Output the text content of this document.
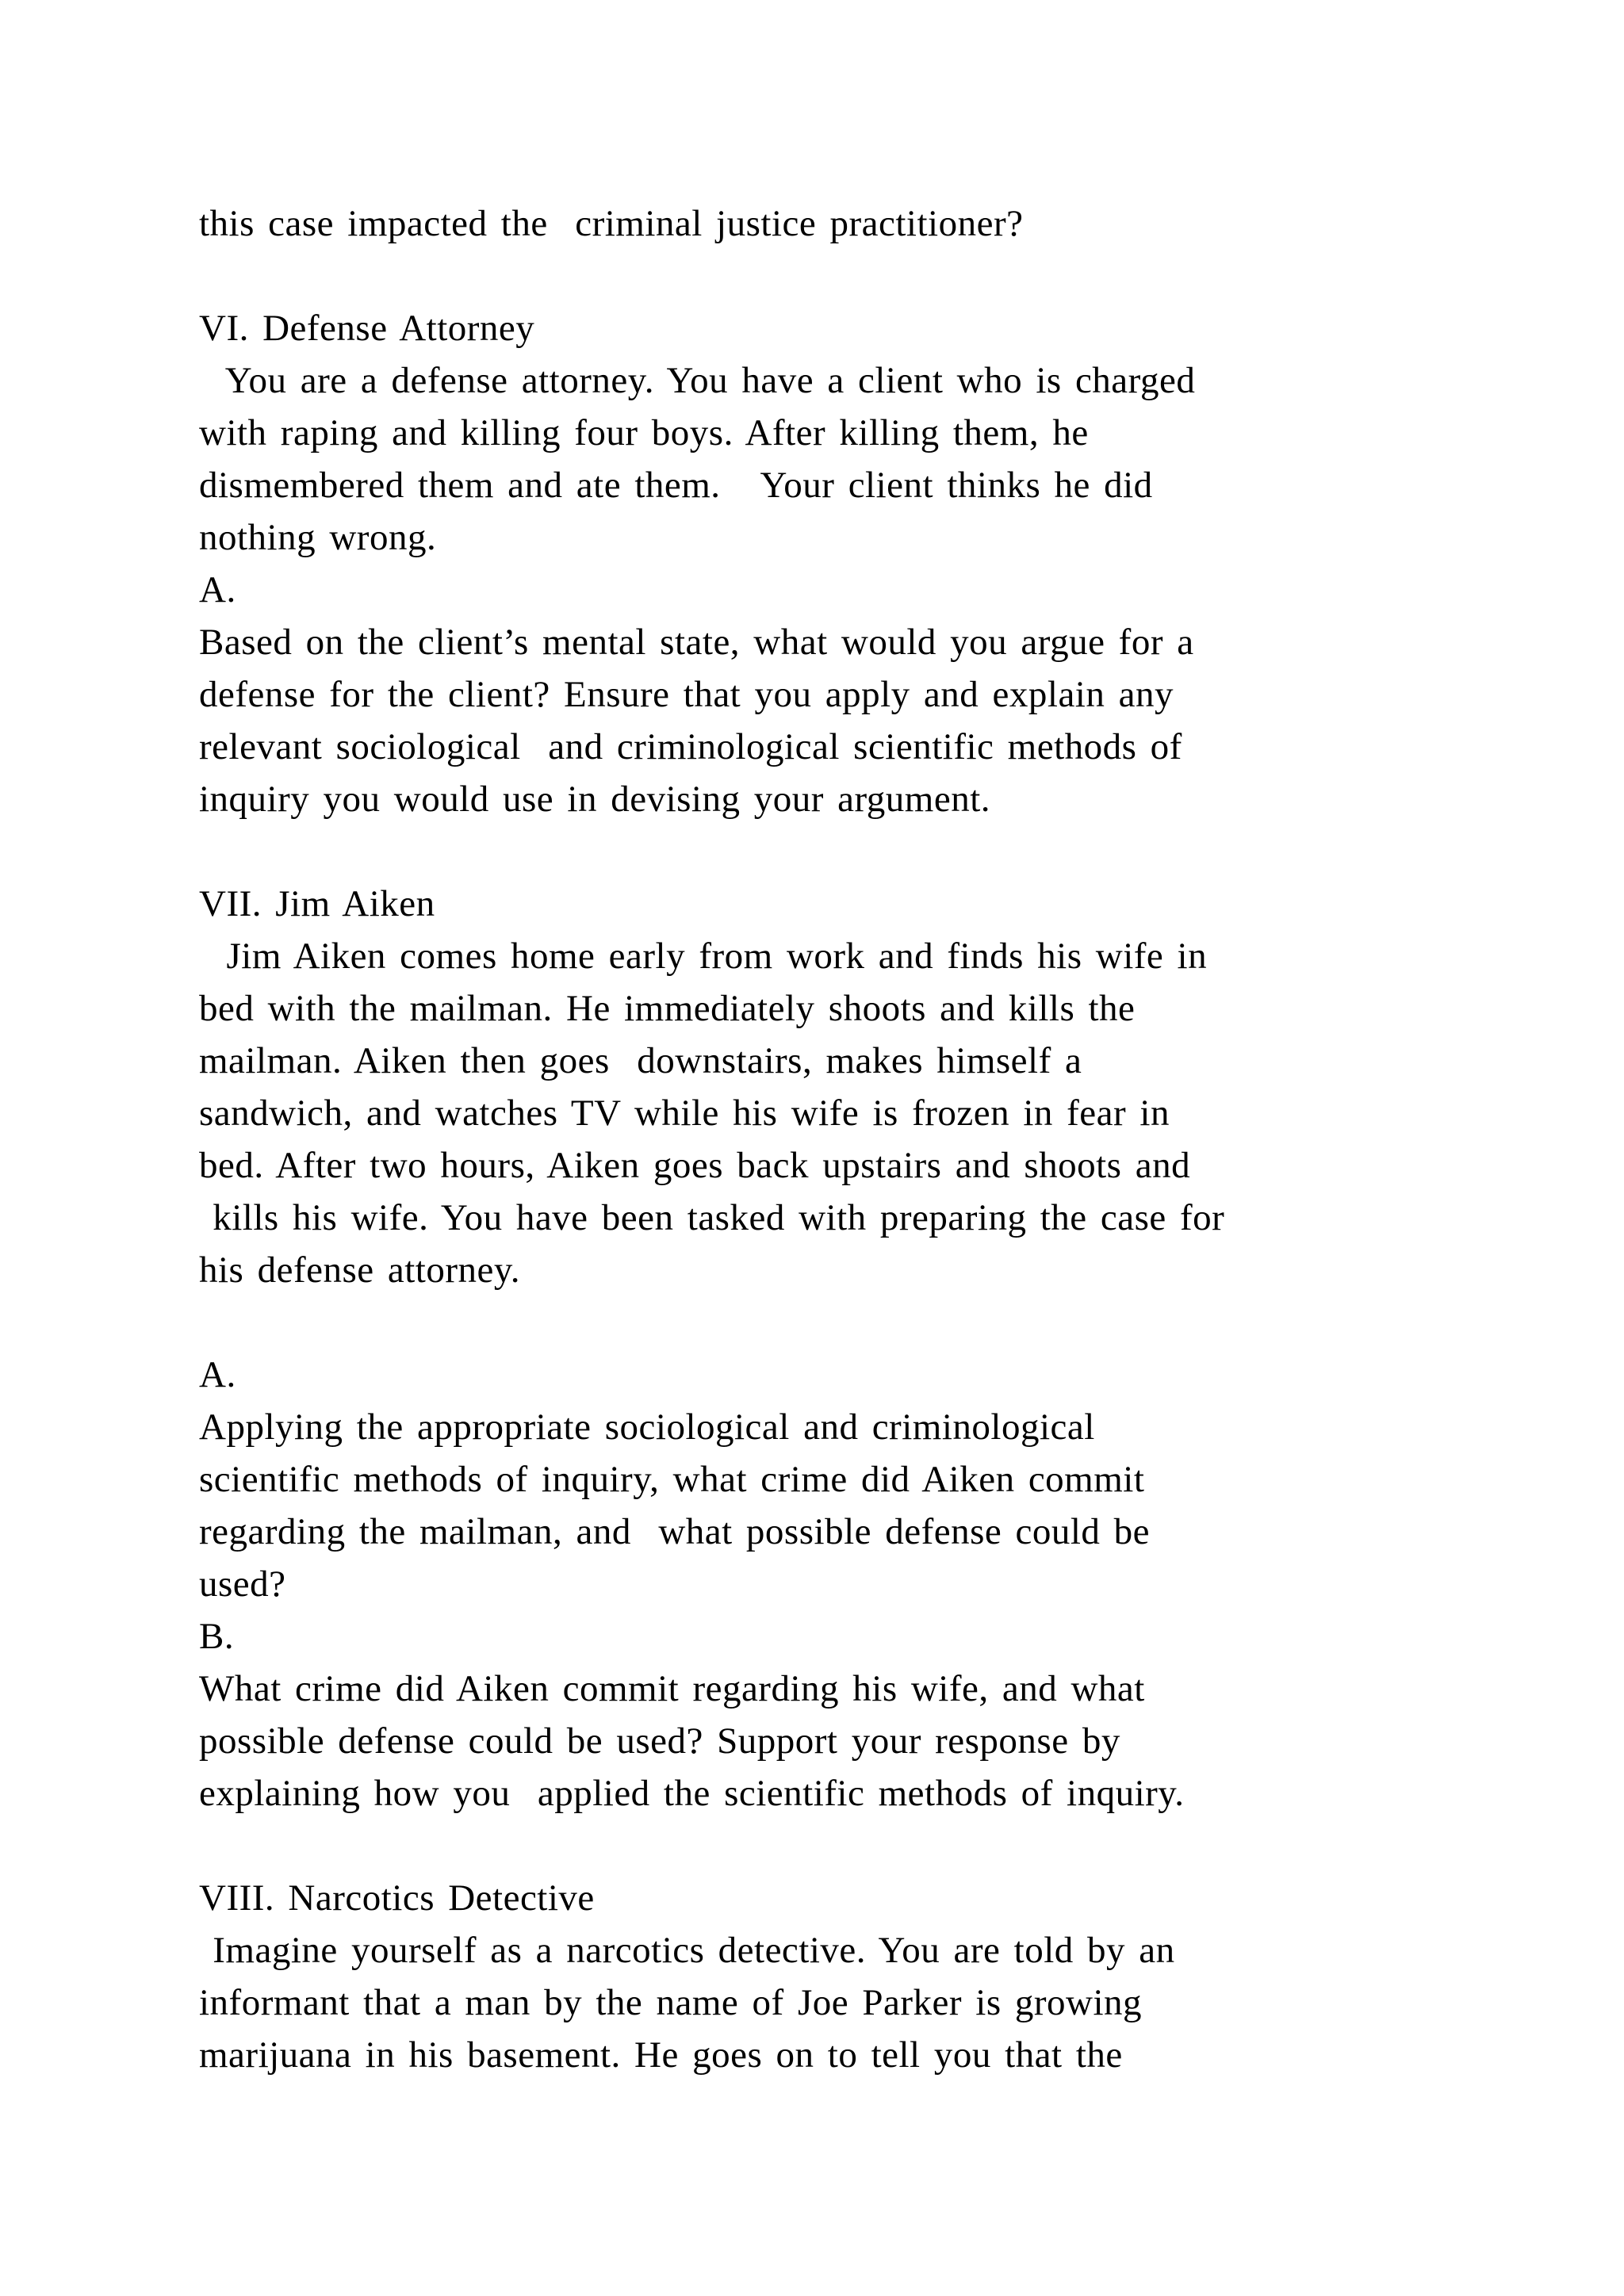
this case impacted the  criminal justice practitioner?

VI. Defense Attorney

You are a defense attorney. You have a client who is charged

with raping and killing four boys. After killing them, he

dismembered them and ate them.   Your client thinks he did

nothing wrong.

A.

Based on the client’s mental state, what would you argue for a

defense for the client? Ensure that you apply and explain any

relevant sociological  and criminological scientific methods of

inquiry you would use in devising your argument.

VII. Jim Aiken

Jim Aiken comes home early from work and finds his wife in

bed with the mailman. He immediately shoots and kills the

mailman. Aiken then goes  downstairs, makes himself a

sandwich, and watches TV while his wife is frozen in fear in

bed. After two hours, Aiken goes back upstairs and shoots and

kills his wife. You have been tasked with preparing the case for

his defense attorney.

A.

Applying the appropriate sociological and criminological

scientific methods of inquiry, what crime did Aiken commit

regarding the mailman, and  what possible defense could be

used?

B.

What crime did Aiken commit regarding his wife, and what

possible defense could be used? Support your response by

explaining how you  applied the scientific methods of inquiry.

VIII. Narcotics Detective

Imagine yourself as a narcotics detective. You are told by an

informant that a man by the name of Joe Parker is growing

marijuana in his basement. He goes on to tell you that the
